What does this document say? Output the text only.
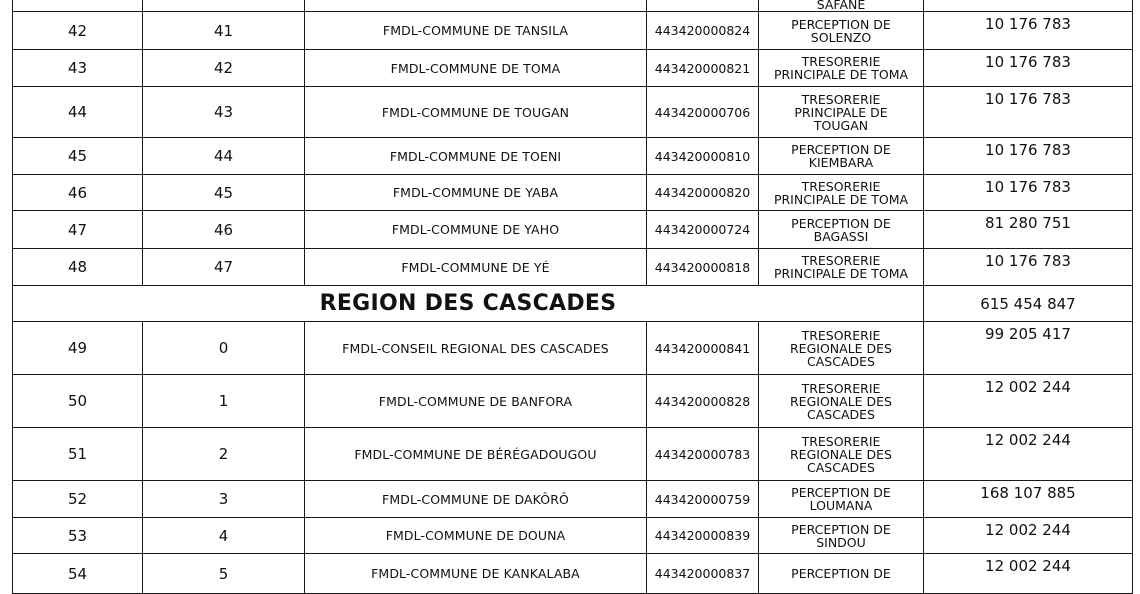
				SAFANE	

42	41	FMDL-COMMUNE DE TANSILA	443420000824	PERCEPTION DE
SOLENZO	10 176 783
43	42	FMDL-COMMUNE DE TOMA	443420000821	TRESORERIE
PRINCIPALE DE TOMA	10 176 783
44	43	FMDL-COMMUNE DE TOUGAN	443420000706	TRESORERIE
PRINCIPALE DE
TOUGAN	10 176 783
45	44	FMDL-COMMUNE DE TOENI	443420000810	PERCEPTION DE
KIEMBARA	10 176 783
46	45	FMDL-COMMUNE DE YABA	443420000820	TRESORERIE
PRINCIPALE DE TOMA	10 176 783
47	46	FMDL-COMMUNE DE YAHO	443420000724	PERCEPTION DE
BAGASSI	81 280 751
48	47	FMDL-COMMUNE DE YÉ	443420000818	TRESORERIE
PRINCIPALE DE TOMA	10 176 783
REGION DES CASCADES					615 454 847
49	0	FMDL-CONSEIL REGIONAL DES CASCADES	443420000841	TRESORERIE
REGIONALE DES
CASCADES	99 205 417
50	1	FMDL-COMMUNE DE BANFORA	443420000828	TRESORERIE
REGIONALE DES
CASCADES	12 002 244
51	2	FMDL-COMMUNE DE BÉRÉGADOUGOU	443420000783	TRESORERIE
REGIONALE DES
CASCADES	12 002 244
52	3	FMDL-COMMUNE DE DAKÔRÔ	443420000759	PERCEPTION DE
LOUMANA	168 107 885
53	4	FMDL-COMMUNE DE DOUNA	443420000839	PERCEPTION DE
SINDOU	12 002 244
54	5	FMDL-COMMUNE DE KANKALABA	443420000837	PERCEPTION DE	12 002 244
